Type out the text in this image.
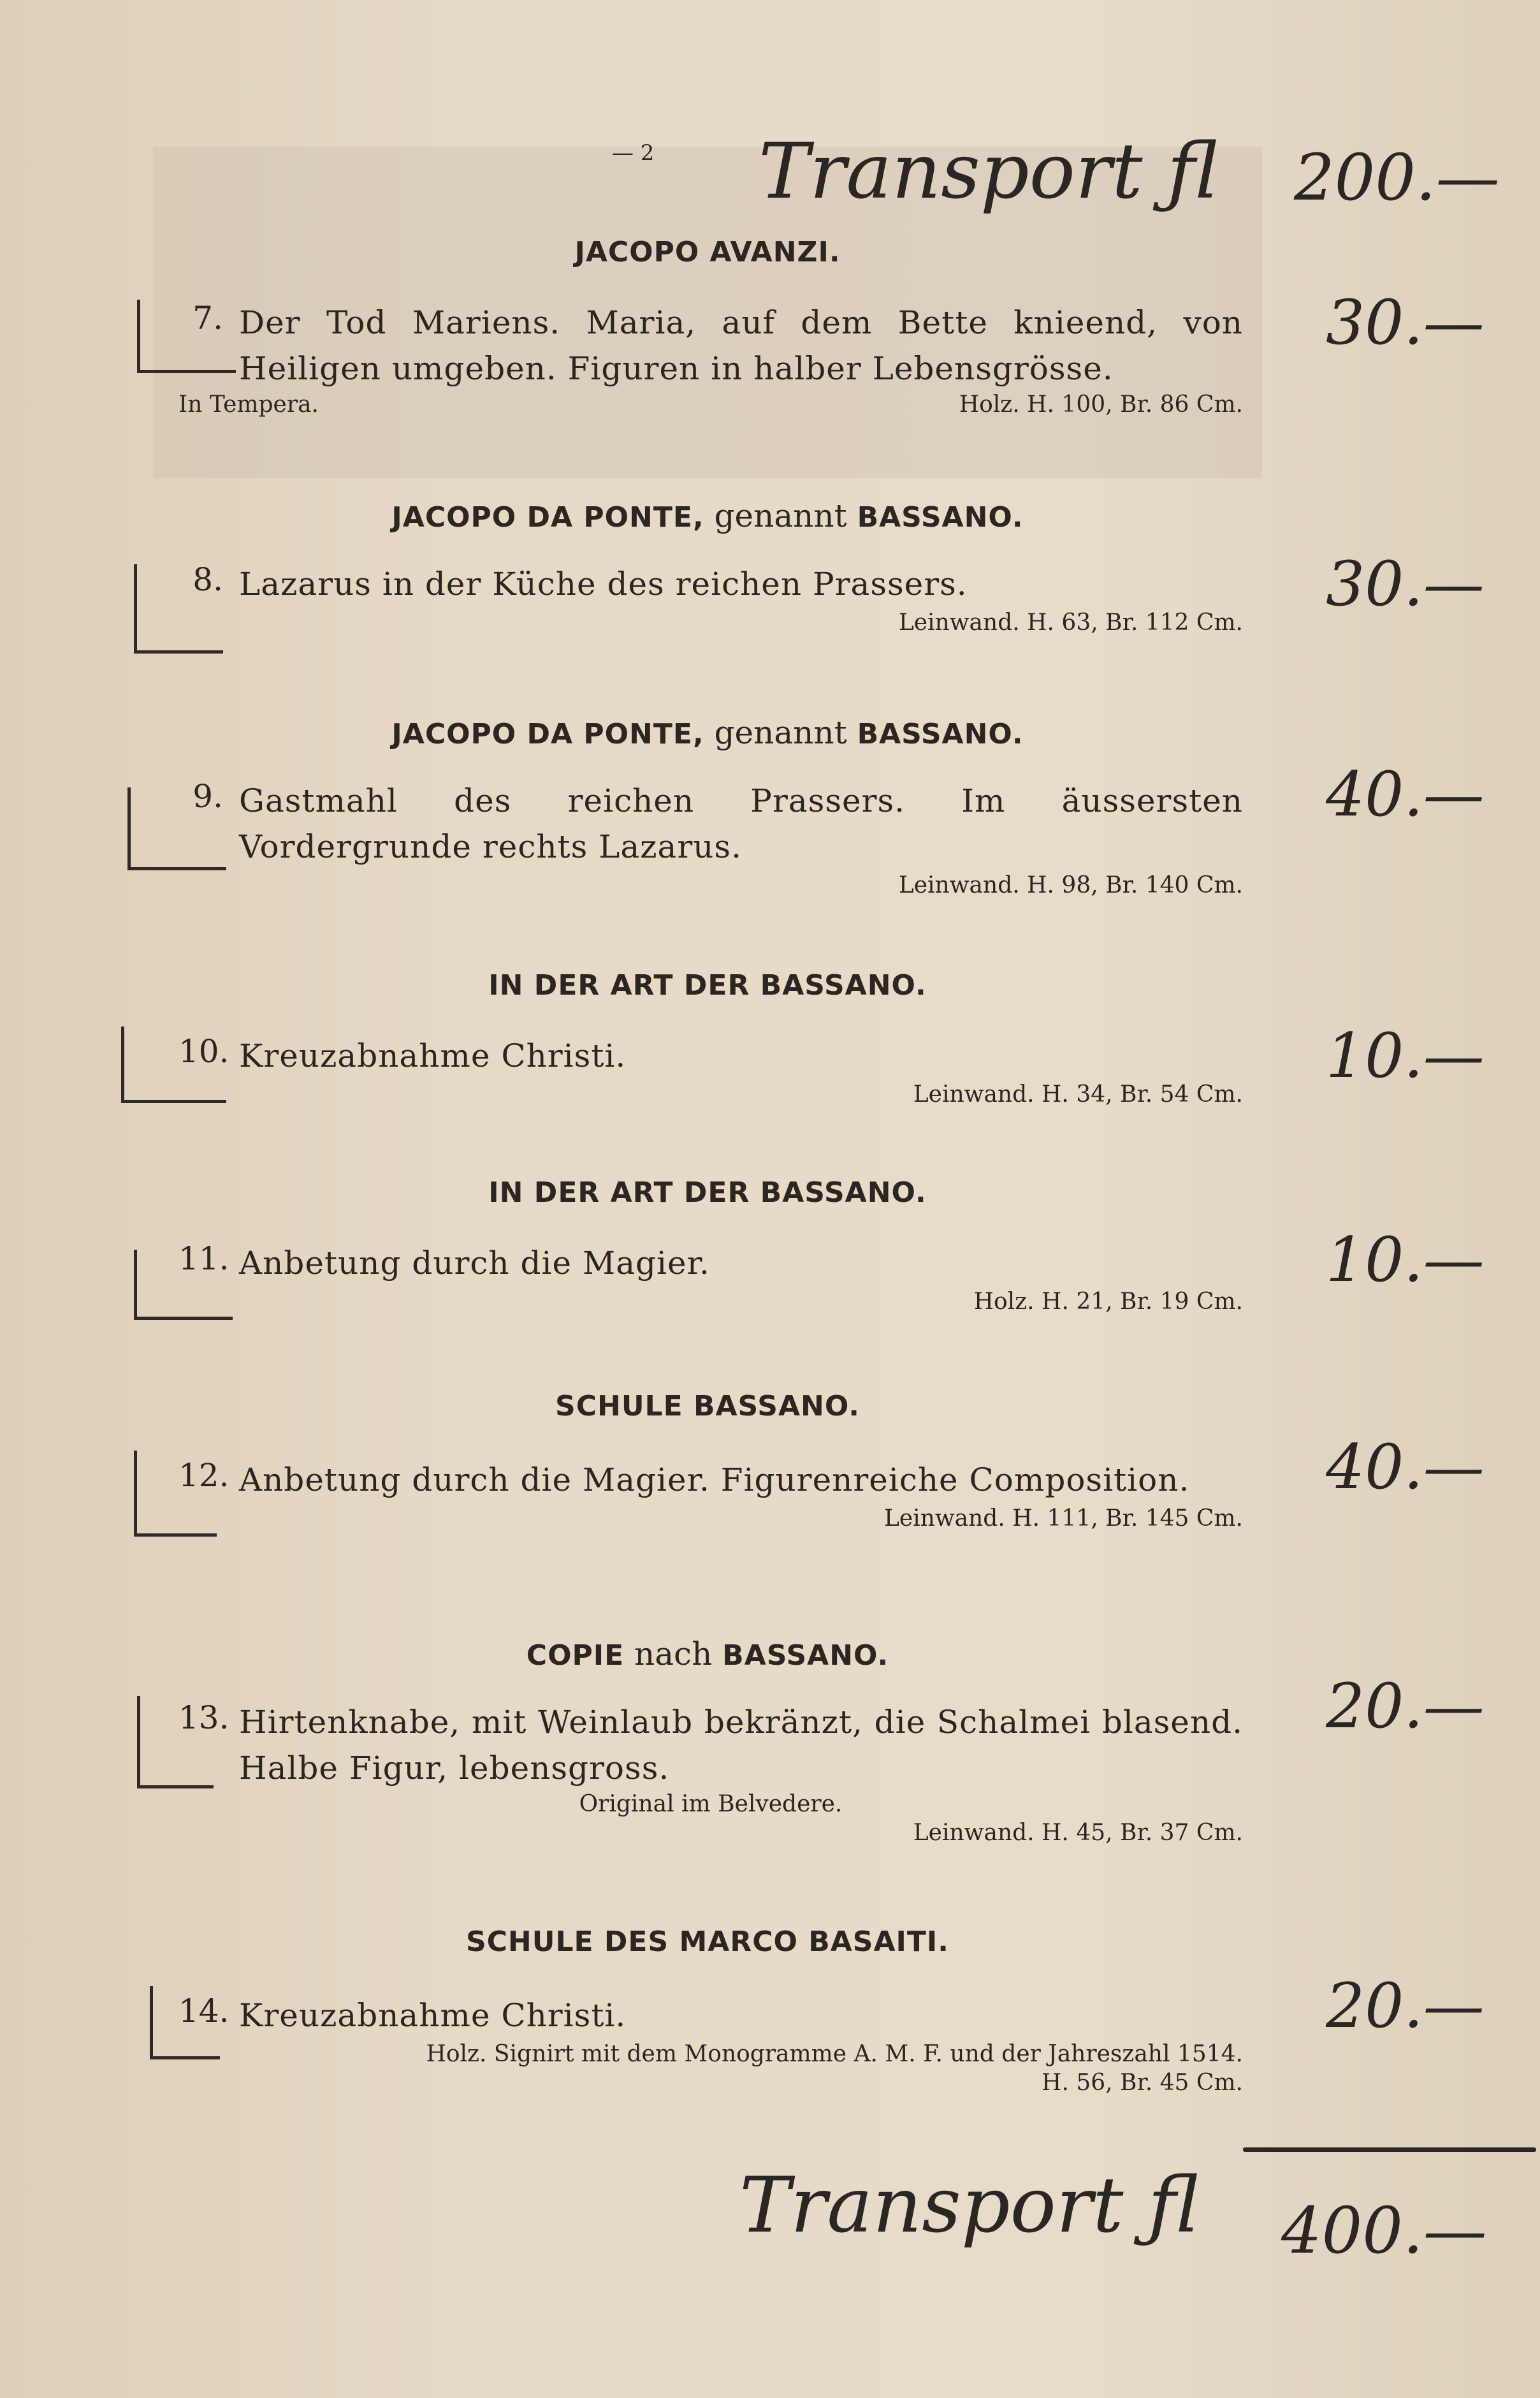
— 2 Transport ƒl 200.—
JACOPO AVANZI.
7. Der Tod Mariens. Maria, auf dem Bette knieend, von Heiligen umgeben. Figuren in halber Lebensgrösse.
In Tempera.	Holz. H. 100, Br. 86 Cm.
30.—
JACOPO DA PONTE, genannt BASSANO.
8. Lazarus in der Küche des reichen Prassers.
Leinwand. H. 63, Br. 112 Cm.
30.—
JACOPO DA PONTE, genannt BASSANO.
9. Gastmahl des reichen Prassers. Im äussersten Vordergrunde rechts Lazarus.
Leinwand. H. 98, Br. 140 Cm.
40.—
IN DER ART DER BASSANO.
10. Kreuzabnahme Christi.
Leinwand. H. 34, Br. 54 Cm.
10.—
IN DER ART DER BASSANO.
11. Anbetung durch die Magier.
Holz. H. 21, Br. 19 Cm.
10.—
SCHULE BASSANO.
12. Anbetung durch die Magier. Figurenreiche Composition.
Leinwand. H. 111, Br. 145 Cm.
40.—
COPIE nach BASSANO.
13. Hirtenknabe, mit Weinlaub bekränzt, die Schalmei blasend. Halbe Figur, lebensgross.
Original im Belvedere.
Leinwand. H. 45, Br. 37 Cm.
20.—
SCHULE DES MARCO BASAITI.
14. Kreuzabnahme Christi.
Holz. Signirt mit dem Monogramme A. M. F. und der Jahreszahl 1514.
H. 56, Br. 45 Cm.
20.—
Transport ƒl 400.—
